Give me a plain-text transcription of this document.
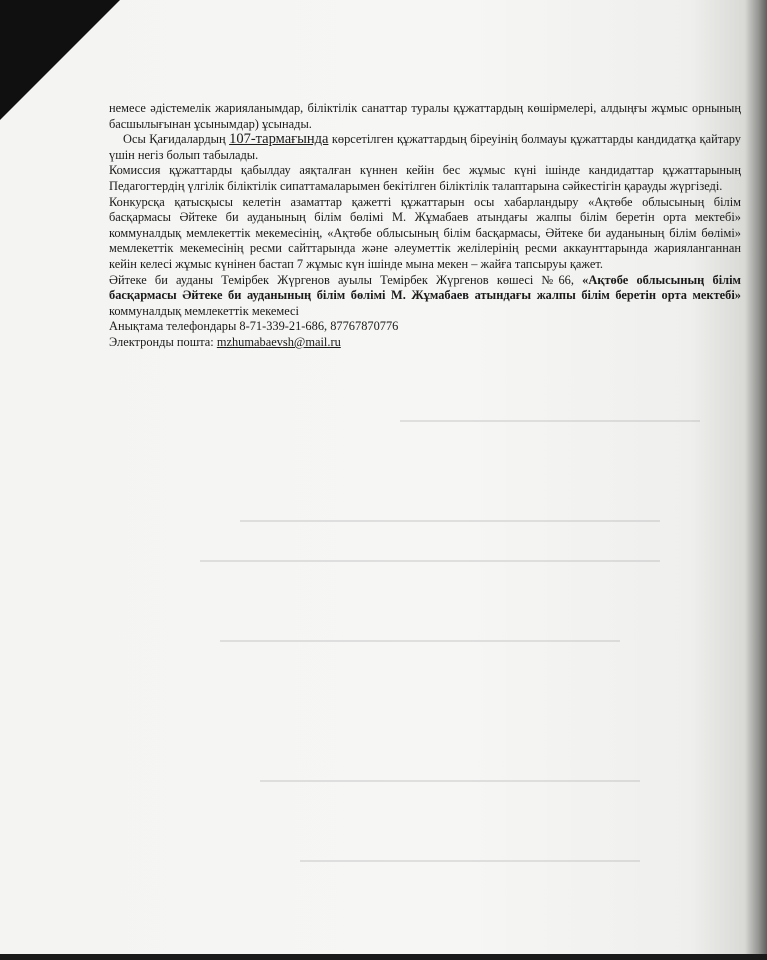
немесе әдістемелік жарияланымдар, біліктілік санаттар туралы құжаттардың көшірмелері, алдыңғы жұмыс орнының басшылығынан ұсынымдар) ұсынады.

Осы Қағидалардың 107-тармағында көрсетілген құжаттардың біреуінің болмауы құжаттарды кандидатқа қайтару үшін негіз болып табылады.

Комиссия құжаттарды қабылдау аяқталған күннен кейін бес жұмыс күні ішінде кандидаттар құжаттарының Педагогтердің үлгілік біліктілік сипаттамаларымен бекітілген біліктілік талаптарына сәйкестігін қарауды жүргізеді.

Конкурсқа қатысқысы келетін азаматтар қажетті құжаттарын осы хабарландыру «Ақтөбе облысының білім басқармасы Әйтеке би ауданының білім бөлімі М. Жұмабаев атындағы жалпы білім беретін орта мектебі» коммуналдық мемлекеттік мекемесінің, «Ақтөбе облысының білім басқармасы, Әйтеке би ауданының білім бөлімі» мемлекеттік мекемесінің ресми сайттарында және әлеуметтік желілерінің ресми аккаунттарында жарияланганнан кейін келесі жұмыс күнінен бастап 7 жұмыс күн ішінде мына мекен – жайға тапсыруы қажет.

Әйтеке би ауданы Темірбек Жүргенов ауылы Темірбек Жүргенов көшесі №66, «Ақтөбе облысының білім басқармасы Әйтеке би ауданының білім бөлімі М. Жұмабаев атындағы жалпы білім беретін орта мектебі» коммуналдық мемлекеттік мекемесі

Анықтама телефондары 8-71-339-21-686, 87767870776

Электронды пошта: mzhumabaevsh@mail.ru
